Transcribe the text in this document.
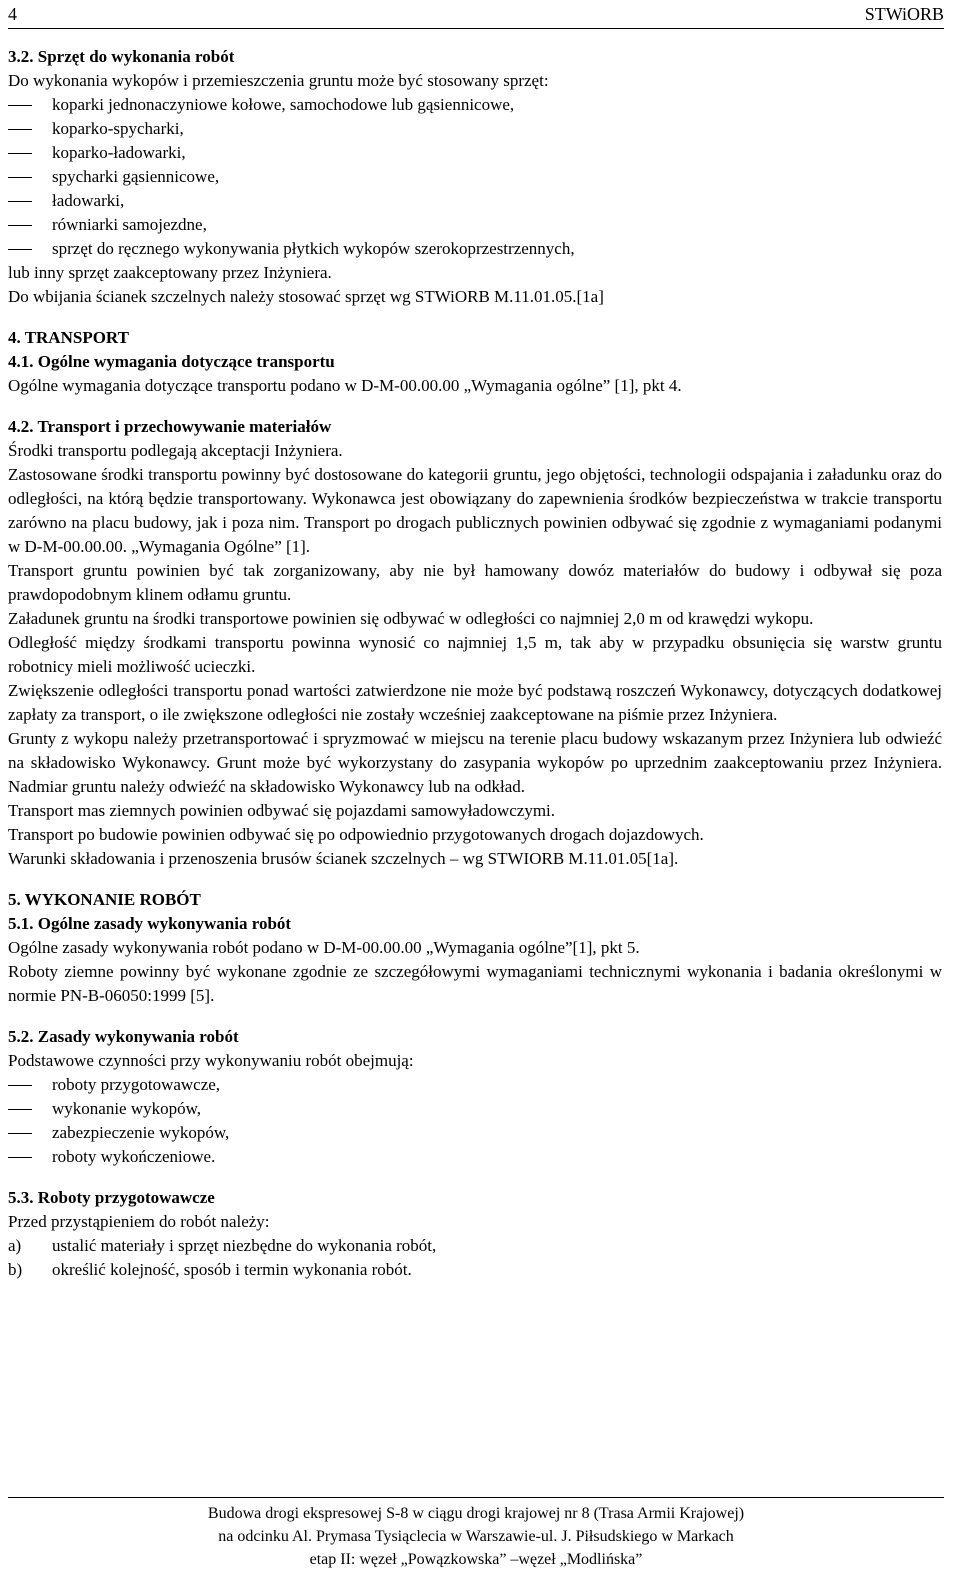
4	STWiORB

3.2. Sprzęt do wykonania robót

Do wykonania wykopów i przemieszczenia gruntu może być stosowany sprzęt:

koparki jednonaczyniowe kołowe, samochodowe lub gąsiennicowe,

koparko-spycharki,

koparko-ładowarki,

spycharki gąsiennicowe,

ładowarki,

równiarki samojezdne,

sprzęt do ręcznego wykonywania płytkich wykopów szerokoprzestrzennych,

lub inny sprzęt zaakceptowany przez Inżyniera.

Do wbijania ścianek szczelnych należy stosować sprzęt wg STWiORB M.11.01.05.[1a]

4. TRANSPORT

4.1. Ogólne wymagania dotyczące transportu

Ogólne wymagania dotyczące transportu podano w D-M-00.00.00 „Wymagania ogólne” [1], pkt 4.

4.2. Transport i przechowywanie materiałów

Środki transportu podlegają akceptacji Inżyniera.

Zastosowane środki transportu powinny być dostosowane do kategorii gruntu, jego objętości, technologii odspajania i załadunku oraz do odległości, na którą będzie transportowany. Wykonawca jest obowiązany do zapewnienia środków bezpieczeństwa w trakcie transportu zarówno na placu budowy, jak i poza nim. Transport po drogach publicznych powinien odbywać się zgodnie z wymaganiami podanymi w D-M-00.00.00. „Wymagania Ogólne” [1].

Transport gruntu powinien być tak zorganizowany, aby nie był hamowany dowóz materiałów do budowy i odbywał się poza prawdopodobnym klinem odłamu gruntu.

Załadunek gruntu na środki transportowe powinien się odbywać w odległości co najmniej 2,0 m od krawędzi wykopu.

Odległość między środkami transportu powinna wynosić co najmniej 1,5 m, tak aby w przypadku obsunięcia się warstw gruntu robotnicy mieli możliwość ucieczki.

Zwiększenie odległości transportu ponad wartości zatwierdzone nie może być podstawą roszczeń Wykonawcy, dotyczących dodatkowej zapłaty za transport, o ile zwiększone odległości nie zostały wcześniej zaakceptowane na piśmie przez Inżyniera.

Grunty z wykopu należy przetransportować i spryzmować w miejscu na terenie placu budowy wskazanym przez Inżyniera lub odwieźć na składowisko Wykonawcy. Grunt może być wykorzystany do zasypania wykopów po uprzednim zaakceptowaniu przez Inżyniera. Nadmiar gruntu należy odwieźć na składowisko Wykonawcy lub na odkład.

Transport mas ziemnych powinien odbywać się pojazdami samowyładowczymi.

Transport po budowie powinien odbywać się po odpowiednio przygotowanych drogach dojazdowych.

Warunki składowania i przenoszenia brusów ścianek szczelnych – wg STWIORB M.11.01.05[1a].

5. WYKONANIE ROBÓT

5.1. Ogólne zasady wykonywania robót

Ogólne zasady wykonywania robót podano w D-M-00.00.00 „Wymagania ogólne”[1], pkt 5.

Roboty ziemne powinny być wykonane zgodnie ze szczegółowymi wymaganiami technicznymi wykonania i badania określonymi w normie PN-B-06050:1999 [5].

5.2. Zasady wykonywania robót

Podstawowe czynności przy wykonywaniu robót obejmują:

roboty przygotowawcze,

wykonanie wykopów,

zabezpieczenie wykopów,

roboty wykończeniowe.

5.3. Roboty przygotowawcze

Przed przystąpieniem do robót należy:

a) ustalić materiały i sprzęt niezbędne do wykonania robót,

b) określić kolejność, sposób i termin wykonania robót.

Budowa drogi ekspresowej S-8 w ciągu drogi krajowej nr 8 (Trasa Armii Krajowej)
na odcinku Al. Prymasa Tysiąclecia w Warszawie-ul. J. Piłsudskiego w Markach
etap II: węzeł „Powązkowska” –węzeł „Modlińska”
